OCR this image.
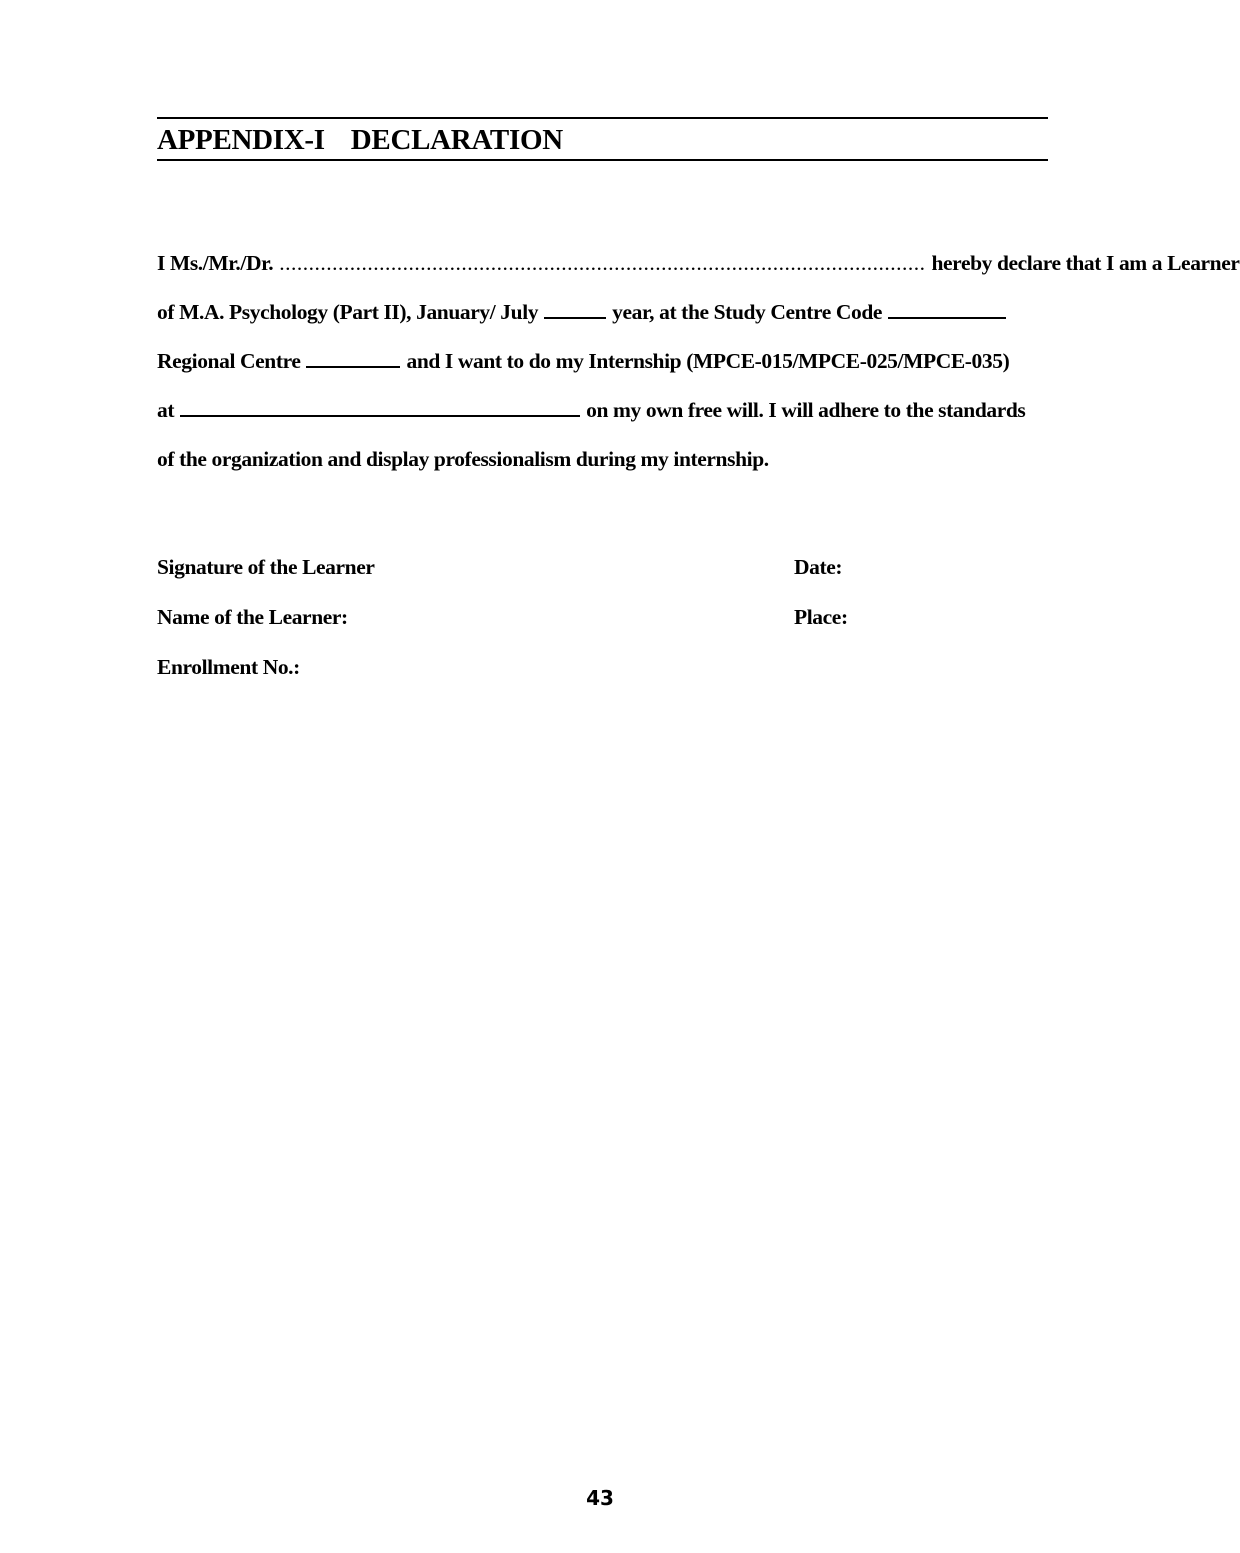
APPENDIX-I DECLARATION
I Ms./Mr./Dr. .............................................................................................................. hereby declare that I am a Learner
of M.A. Psychology (Part II), January/ July	year, at the Study Centre Code
Regional Centre	and I want to do my Internship (MPCE-015/MPCE-025/MPCE-035)
at	on my own free will. I will adhere to the standards
of the organization and display professionalism during my internship.
Signature of the Learner	Date:
Name of the Learner:	Place:
Enrollment No.:
43
